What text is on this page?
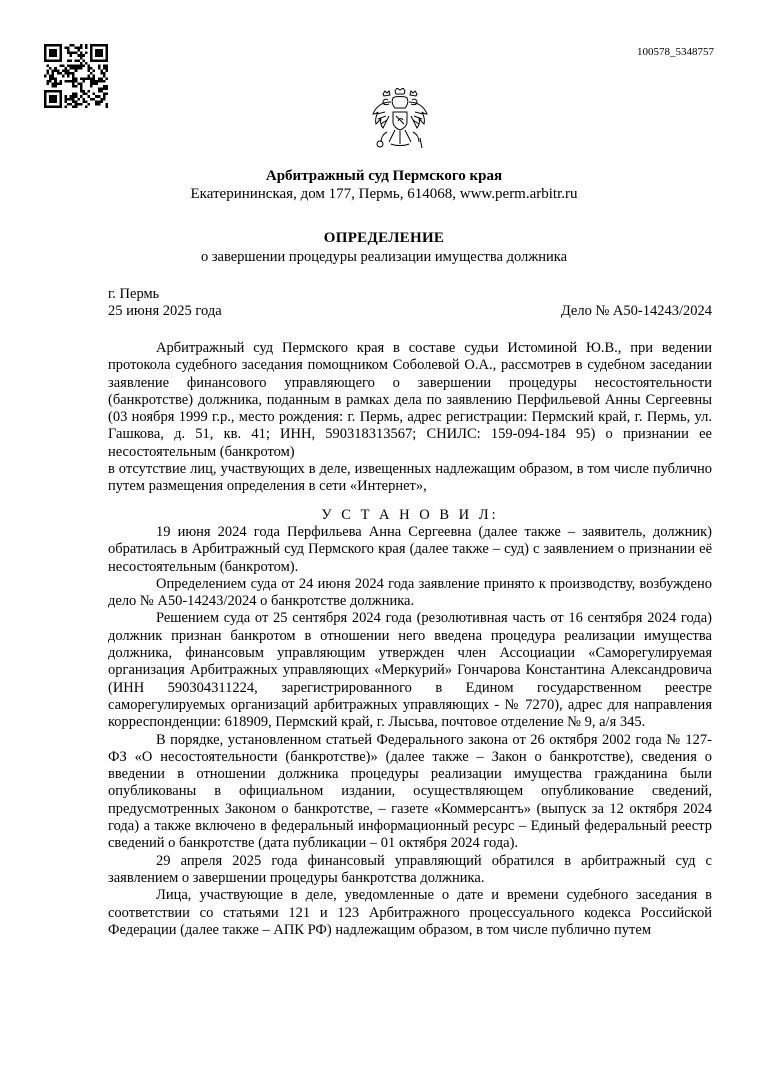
100578_5348757
Арбитражный суд Пермского края
Екатерининская, дом 177, Пермь, 614068, www.perm.arbitr.ru
ОПРЕДЕЛЕНИЕ
о завершении процедуры реализации имущества должника
г. Пермь
25 июня 2025 года	Дело № А50-14243/2024

Арбитражный суд Пермского края в составе судьи Истоминой Ю.В., при ведении протокола судебного заседания помощником Соболевой О.А., рассмотрев в судебном заседании заявление финансового управляющего о завершении процедуры несостоятельности (банкротстве) должника, поданным в рамках дела по заявлению Перфильевой Анны Сергеевны (03 ноября 1999 г.р., место рождения: г. Пермь, адрес регистрации: Пермский край, г. Пермь, ул. Гашкова, д. 51, кв. 41; ИНН, 590318313567; СНИЛС: 159-094-184 95) о признании ее несостоятельным (банкротом)

в отсутствие лиц, участвующих в деле, извещенных надлежащим образом, в том числе публично путем размещения определения в сети «Интернет»,

У С Т А Н О В И Л:

19 июня 2024 года Перфильева Анна Сергеевна (далее также – заявитель, должник) обратилась в Арбитражный суд Пермского края (далее также – суд) с заявлением о признании её несостоятельным (банкротом).

Определением суда от 24 июня 2024 года заявление принято к производству, возбуждено дело № А50-14243/2024 о банкротстве должника.

Решением суда от 25 сентября 2024 года (резолютивная часть от 16 сентября 2024 года) должник признан банкротом в отношении него введена процедура реализации имущества должника, финансовым управляющим утвержден член Ассоциации «Саморегулируемая организация Арбитражных управляющих «Меркурий» Гончарова Константина Александровича (ИНН 590304311224, зарегистрированного в Едином государственном реестре саморегулируемых организаций арбитражных управляющих - № 7270), адрес для направления корреспонденции: 618909, Пермский край, г. Лысьва, почтовое отделение № 9, а/я 345.

В порядке, установленном статьей Федерального закона от 26 октября 2002 года № 127-ФЗ «О несостоятельности (банкротстве)» (далее также – Закон о банкротстве), сведения о введении в отношении должника процедуры реализации имущества гражданина были опубликованы в официальном издании, осуществляющем опубликование сведений, предусмотренных Законом о банкротстве, – газете «Коммерсантъ» (выпуск за 12 октября 2024 года) а также включено в федеральный информационный ресурс – Единый федеральный реестр сведений о банкротстве (дата публикации – 01 октября 2024 года).

29 апреля 2025 года финансовый управляющий обратился в арбитражный суд с заявлением о завершении процедуры банкротства должника.

Лица, участвующие в деле, уведомленные о дате и времени судебного заседания в соответствии со статьями 121 и 123 Арбитражного процессуального кодекса Российской Федерации (далее также – АПК РФ) надлежащим образом, в том числе публично путем
